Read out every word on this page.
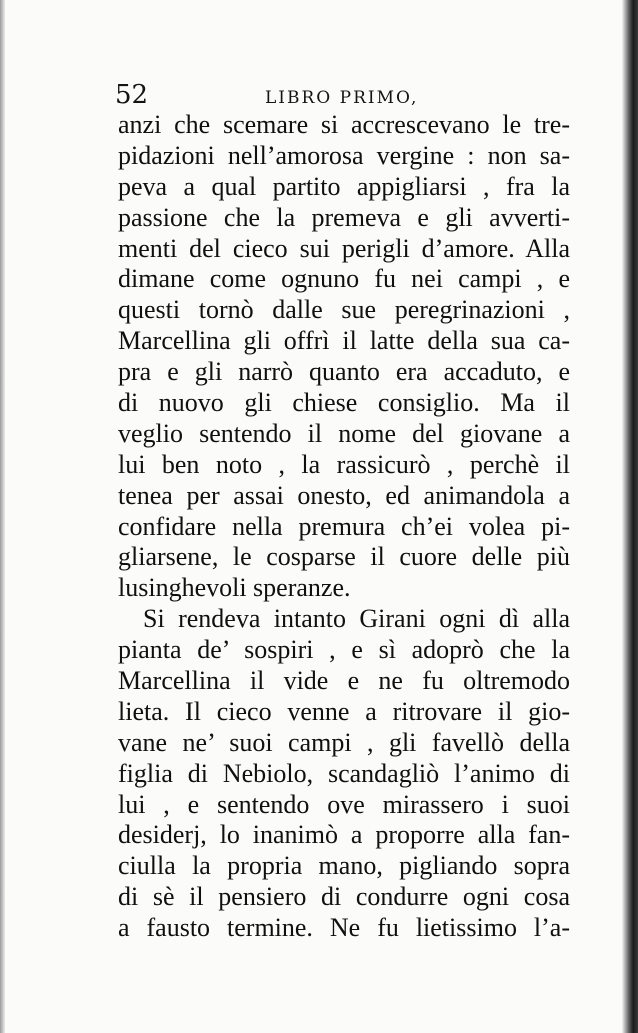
52	LIBRO PRIMO,
anzi che scemare si accrescevano le tre-
pidazioni nell’amorosa vergine : non sa-
peva a qual partito appigliarsi , fra la
passione che la premeva e gli avverti-
menti del cieco sui perigli d’amore. Alla
dimane come ognuno fu nei campi , e
questi tornò dalle sue peregrinazioni ,
Marcellina gli offrì il latte della sua ca-
pra e gli narrò quanto era accaduto, e
di nuovo gli chiese consiglio. Ma il
veglio sentendo il nome del giovane a
lui ben noto , la rassicurò , perchè il
tenea per assai onesto, ed animandola a
confidare nella premura ch’ei volea pi-
gliarsene, le cosparse il cuore delle più
lusinghevoli speranze.
Si rendeva intanto Girani ogni dì alla
pianta de’ sospiri , e sì adoprò che la
Marcellina il vide e ne fu oltremodo
lieta. Il cieco venne a ritrovare il gio-
vane ne’ suoi campi , gli favellò della
figlia di Nebiolo, scandagliò l’animo di
lui , e sentendo ove mirassero i suoi
desiderj, lo inanimò a proporre alla fan-
ciulla la propria mano, pigliando sopra
di sè il pensiero di condurre ogni cosa
a fausto termine. Ne fu lietissimo l’a-
